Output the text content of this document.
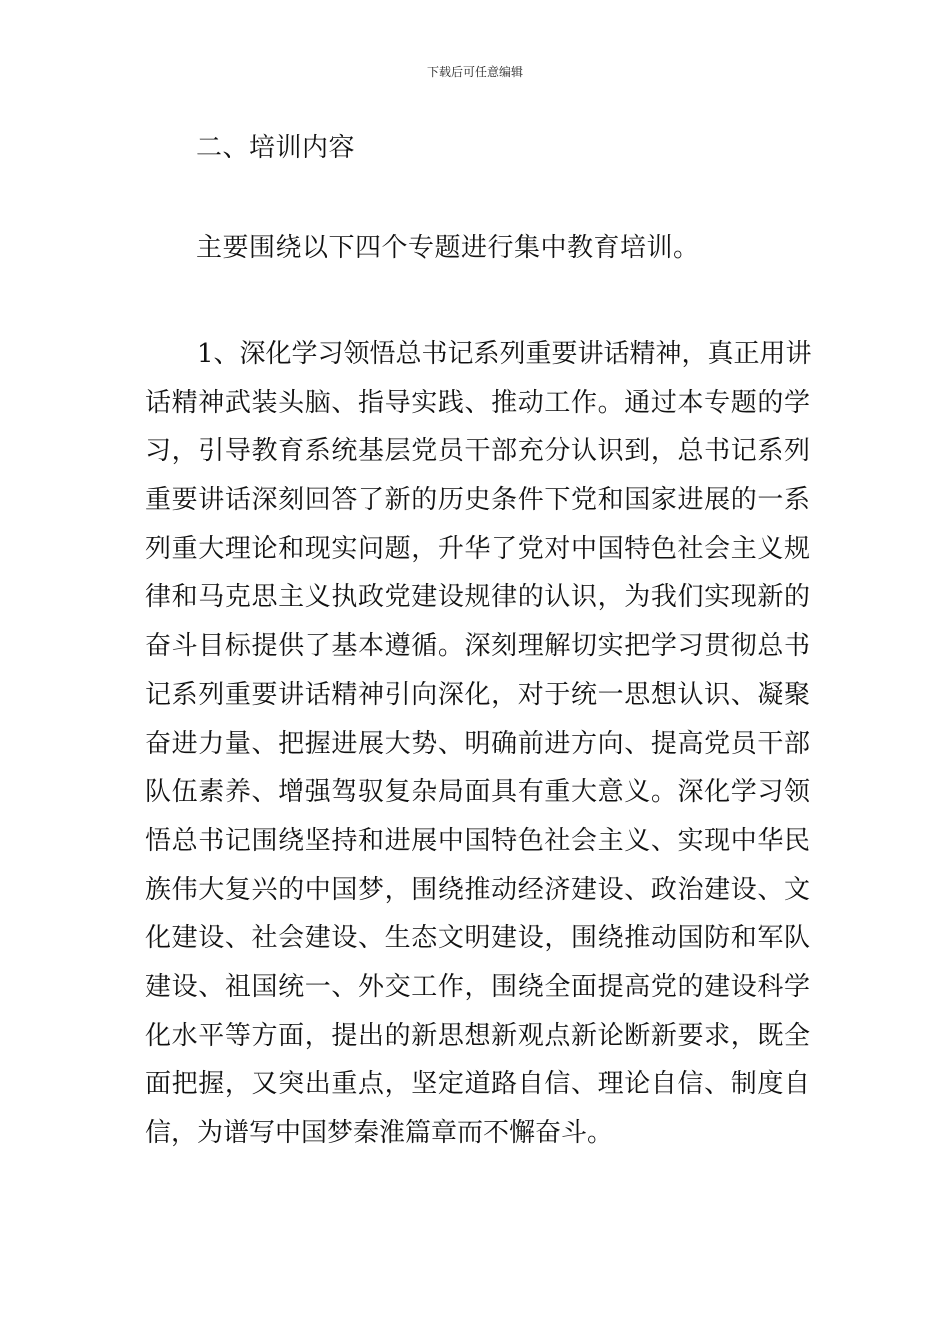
下载后可任意编辑
二、培训内容
主要围绕以下四个专题进行集中教育培训。
1、深化学习领悟总书记系列重要讲话精神，真正用讲
话精神武装头脑、指导实践、推动工作。通过本专题的学
习，引导教育系统基层党员干部充分认识到，总书记系列
重要讲话深刻回答了新的历史条件下党和国家进展的一系
列重大理论和现实问题，升华了党对中国特色社会主义规
律和马克思主义执政党建设规律的认识，为我们实现新的
奋斗目标提供了基本遵循。深刻理解切实把学习贯彻总书
记系列重要讲话精神引向深化，对于统一思想认识、凝聚
奋进力量、把握进展大势、明确前进方向、提高党员干部
队伍素养、增强驾驭复杂局面具有重大意义。深化学习领
悟总书记围绕坚持和进展中国特色社会主义、实现中华民
族伟大复兴的中国梦，围绕推动经济建设、政治建设、文
化建设、社会建设、生态文明建设，围绕推动国防和军队
建设、祖国统一、外交工作，围绕全面提高党的建设科学
化水平等方面，提出的新思想新观点新论断新要求，既全
面把握，又突出重点，坚定道路自信、理论自信、制度自
信，为谱写中国梦秦淮篇章而不懈奋斗。
